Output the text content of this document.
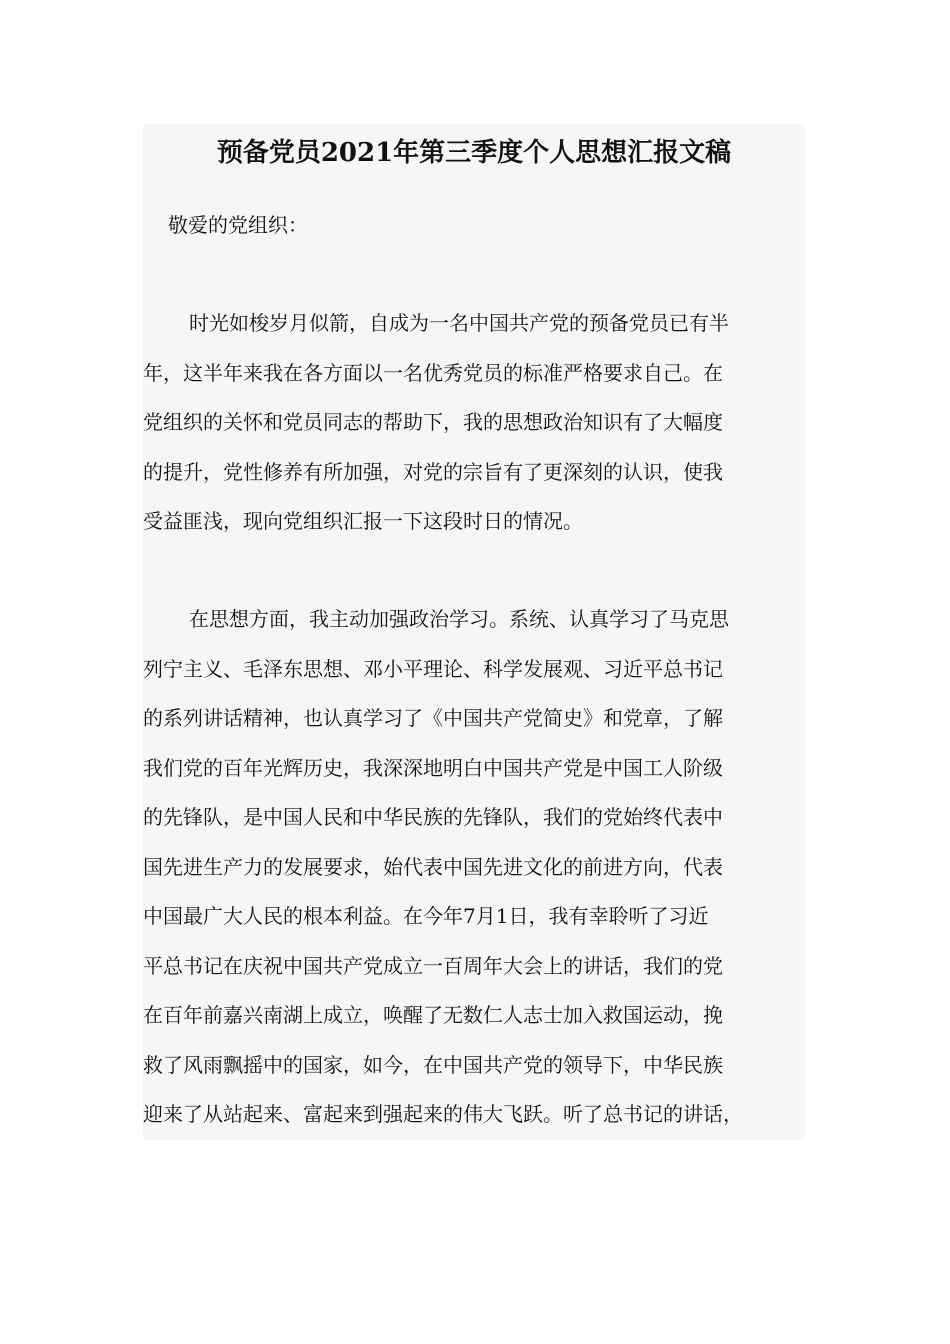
预备党员2021年第三季度个人思想汇报文稿
敬爱的党组织：
时光如梭岁月似箭，自成为一名中国共产党的预备党员已有半
年，这半年来我在各方面以一名优秀党员的标准严格要求自己。在
党组织的关怀和党员同志的帮助下，我的思想政治知识有了大幅度
的提升，党性修养有所加强，对党的宗旨有了更深刻的认识，使我
受益匪浅，现向党组织汇报一下这段时日的情况。
在思想方面，我主动加强政治学习。系统、认真学习了马克思
列宁主义、毛泽东思想、邓小平理论、科学发展观、习近平总书记
的系列讲话精神，也认真学习了《中国共产党简史》和党章，了解
我们党的百年光辉历史，我深深地明白中国共产党是中国工人阶级
的先锋队，是中国人民和中华民族的先锋队，我们的党始终代表中
国先进生产力的发展要求，始代表中国先进文化的前进方向，代表
中国最广大人民的根本利益。在今年7月1日，我有幸聆听了习近
平总书记在庆祝中国共产党成立一百周年大会上的讲话，我们的党
在百年前嘉兴南湖上成立，唤醒了无数仁人志士加入救国运动，挽
救了风雨飘摇中的国家，如今，在中国共产党的领导下，中华民族
迎来了从站起来、富起来到强起来的伟大飞跃。听了总书记的讲话，
